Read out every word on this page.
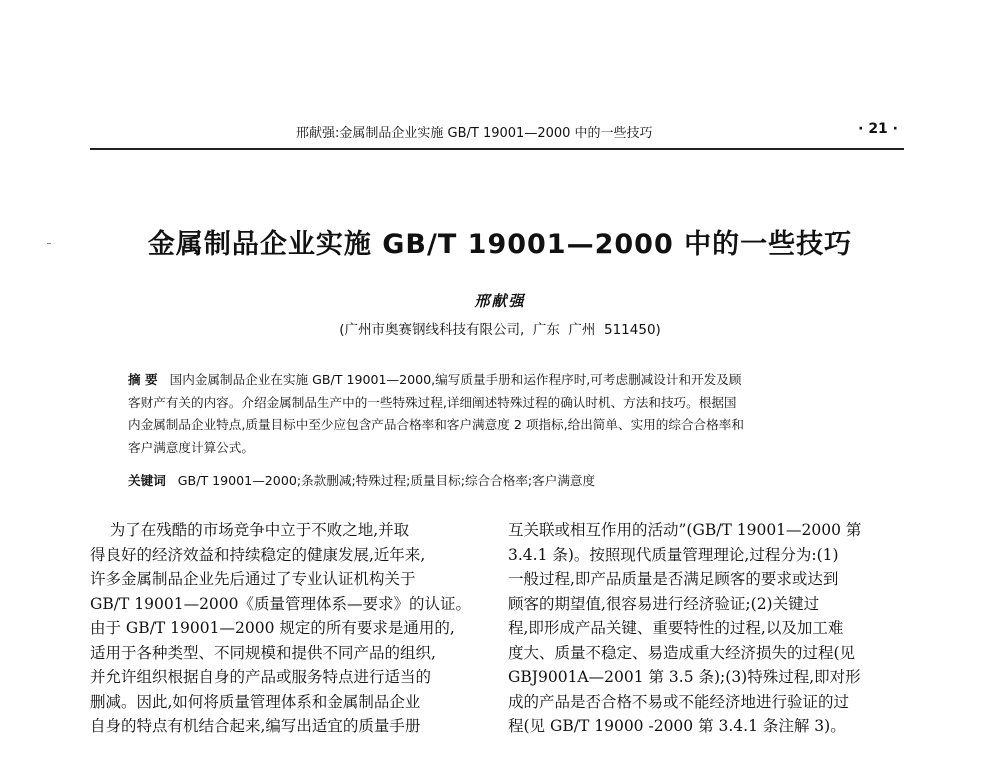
邢献强:金属制品企业实施 GB/T 19001—2000 中的一些技巧	· 21 ·
金属制品企业实施 GB/T 19001—2000 中的一些技巧
邢献强
(广州市奥赛钢线科技有限公司,  广东  广州  511450)
摘 要 国内金属制品企业在实施 GB/T 19001—2000,编写质量手册和运作程序时,可考虑删减设计和开发及顾
客财产有关的内容。介绍金属制品生产中的一些特殊过程,详细阐述特殊过程的确认时机、方法和技巧。根据国
内金属制品企业特点,质量目标中至少应包含产品合格率和客户满意度 2 项指标,给出简单、实用的综合合格率和
客户满意度计算公式。
关键词 GB/T 19001—2000;条款删减;特殊过程;质量目标;综合合格率;客户满意度
为了在残酷的市场竞争中立于不败之地,并取
得良好的经济效益和持续稳定的健康发展,近年来,
许多金属制品企业先后通过了专业认证机构关于
GB/T 19001—2000《质量管理体系—要求》的认证。
由于 GB/T 19001—2000 规定的所有要求是通用的,
适用于各种类型、不同规模和提供不同产品的组织,
并允许组织根据自身的产品或服务特点进行适当的
删减。因此,如何将质量管理体系和金属制品企业
自身的特点有机结合起来,编写出适宜的质量手册
互关联或相互作用的活动”(GB/T 19001—2000 第
3.4.1 条)。按照现代质量管理理论,过程分为:(1)
一般过程,即产品质量是否满足顾客的要求或达到
顾客的期望值,很容易进行经济验证;(2)关键过
程,即形成产品关键、重要特性的过程,以及加工难
度大、质量不稳定、易造成重大经济损失的过程(见
GBJ9001A—2001 第 3.5 条);(3)特殊过程,即对形
成的产品是否合格不易或不能经济地进行验证的过
程(见 GB/T 19000 -2000 第 3.4.1 条注解 3)。
